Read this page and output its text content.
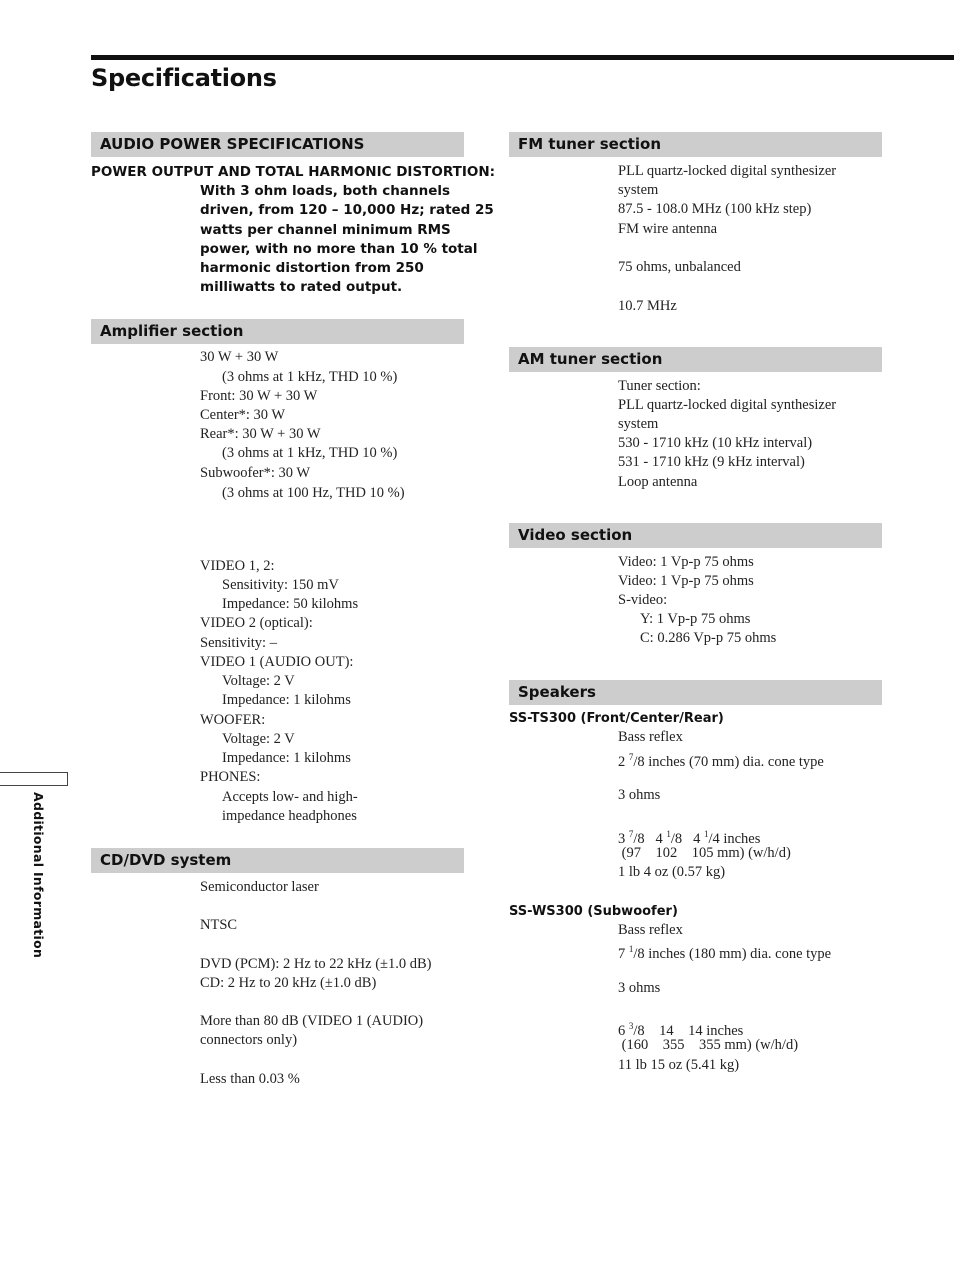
Specifications
Additional Information
AUDIO POWER SPECIFICATIONS
POWER OUTPUT AND TOTAL HARMONIC DISTORTION:
With 3 ohm loads, both channels
driven, from 120 – 10,000 Hz; rated 25
watts per channel minimum RMS
power, with no more than 10 % total
harmonic distortion from 250
milliwatts to rated output.
Amplifier section
30 W + 30 W
(3 ohms at 1 kHz, THD 10 %)
Front: 30 W + 30 W
Center*: 30 W
Rear*: 30 W + 30 W
(3 ohms at 1 kHz, THD 10 %)
Subwoofer*: 30 W
(3 ohms at 100 Hz, THD 10 %)
VIDEO 1, 2:
Sensitivity: 150 mV
Impedance: 50 kilohms
VIDEO 2 (optical):
Sensitivity: –
VIDEO 1 (AUDIO OUT):
Voltage: 2 V
Impedance: 1 kilohms
WOOFER:
Voltage: 2 V
Impedance: 1 kilohms
PHONES:
Accepts low- and high-
impedance headphones
CD/DVD system
Semiconductor laser
NTSC
DVD (PCM): 2 Hz to 22 kHz (±1.0 dB)
CD: 2 Hz to 20 kHz (±1.0 dB)
More than 80 dB (VIDEO 1 (AUDIO)
connectors only)
Less than 0.03 %
FM tuner section
PLL quartz-locked digital synthesizer
system
87.5 - 108.0 MHz (100 kHz step)
FM wire antenna
75 ohms, unbalanced
10.7 MHz
AM tuner section
Tuner section:
PLL quartz-locked digital synthesizer
system
530 - 1710 kHz (10 kHz interval)
531 - 1710 kHz (9 kHz interval)
Loop antenna
Video section
Video: 1 Vp-p 75 ohms
Video: 1 Vp-p 75 ohms
S-video:
Y: 1 Vp-p 75 ohms
C: 0.286 Vp-p 75 ohms
Speakers
SS-TS300 (Front/Center/Rear)
Bass reflex
2 $^7$/8 inches (70 mm) dia. cone type
3 ohms
3 $^7$/8 4 $^1$/8 4 $^1$/4 inches
(97    102    105 mm) (w/h/d)
1 lb 4 oz (0.57 kg)
SS-WS300 (Subwoofer)
Bass reflex
7 $^1$/8 inches (180 mm) dia. cone type
3 ohms
6 $^3$/8    14    14 inches
(160    355    355 mm) (w/h/d)
11 lb 15 oz (5.41 kg)
